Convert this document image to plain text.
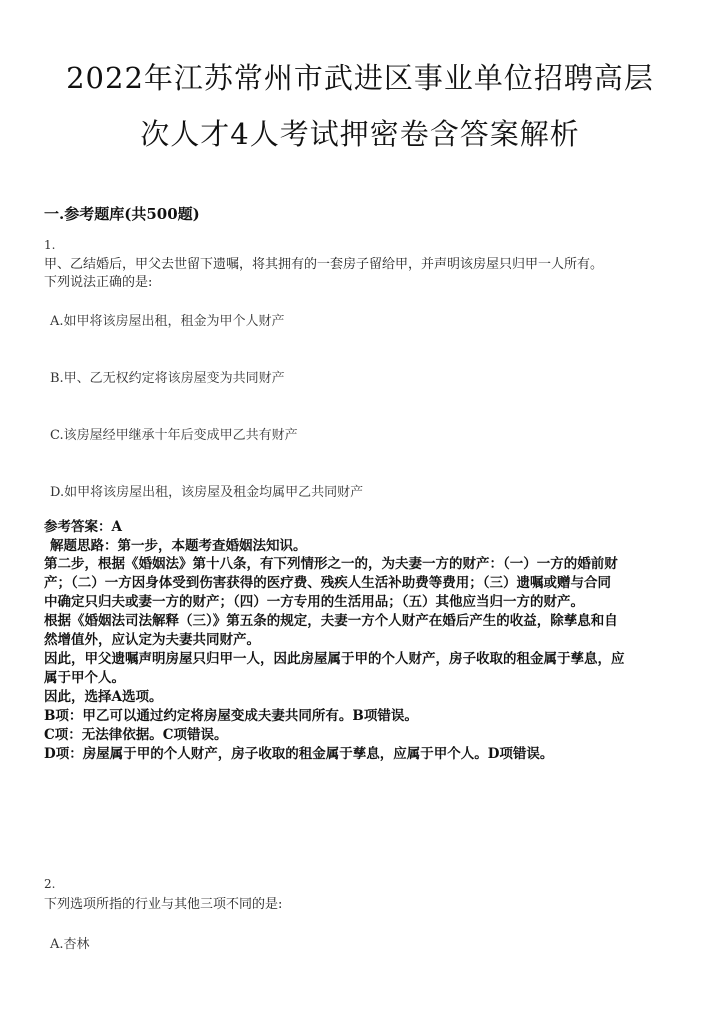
2022年江苏常州市武进区事业单位招聘高层
次人才4人考试押密卷含答案解析
一.参考题库(共500题)
1.
甲、乙结婚后，甲父去世留下遗嘱，将其拥有的一套房子留给甲，并声明该房屋只归甲一人所有。
下列说法正确的是:
A.如甲将该房屋出租，租金为甲个人财产
B.甲、乙无权约定将该房屋变为共同财产
C.该房屋经甲继承十年后变成甲乙共有财产
D.如甲将该房屋出租，该房屋及租金均属甲乙共同财产
参考答案：A
解题思路：第一步，本题考查婚姻法知识。
第二步，根据《婚姻法》第十八条，有下列情形之一的，为夫妻一方的财产：（一）一方的婚前财
产；（二）一方因身体受到伤害获得的医疗费、残疾人生活补助费等费用；（三）遗嘱或赠与合同
中确定只归夫或妻一方的财产；（四）一方专用的生活用品；（五）其他应当归一方的财产。
根据《婚姻法司法解释（三）》第五条的规定，夫妻一方个人财产在婚后产生的收益，除孳息和自
然增值外，应认定为夫妻共同财产。
因此，甲父遗嘱声明房屋只归甲一人，因此房屋属于甲的个人财产，房子收取的租金属于孳息，应
属于甲个人。
因此，选择A选项。
B项：甲乙可以通过约定将房屋变成夫妻共同所有。B项错误。
C项：无法律依据。C项错误。
D项：房屋属于甲的个人财产，房子收取的租金属于孳息，应属于甲个人。D项错误。
2.
下列选项所指的行业与其他三项不同的是:
A.杏林
